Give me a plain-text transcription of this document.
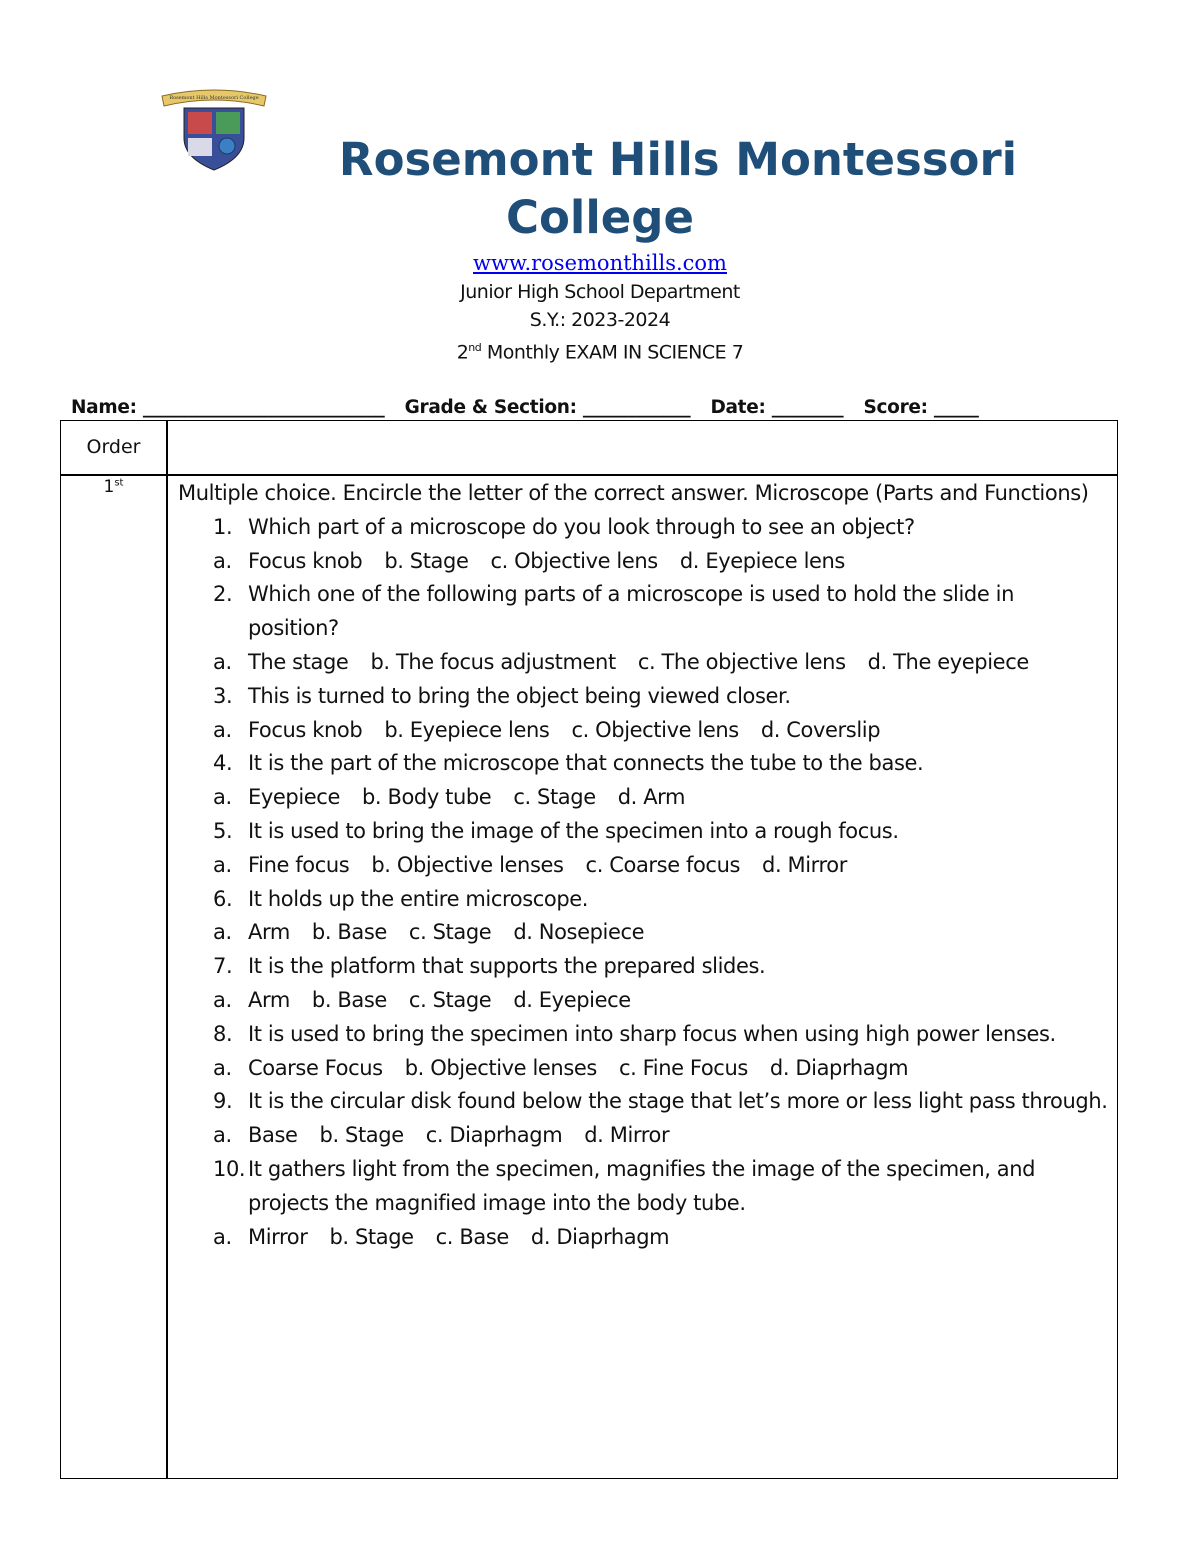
Rosemont Hills Montessori College
Rosemont Hills Montessori
College
www.rosemonthills.com
Junior High School Department
S.Y.: 2023-2024
2nd Monthly EXAM IN SCIENCE 7
Name: ___________________________ Grade & Section: ____________ Date: ________ Score: _____
Order
1st	Multiple choice. Encircle the letter of the correct answer. Microscope (Parts and Functions)

1. Which part of a microscope do you look through to see an object?
a. Focus knob b. Stage c. Objective lens d. Eyepiece lens
2. Which one of the following parts of a microscope is used to hold the slide in position?
a. The stage b. The focus adjustment c. The objective lens d. The eyepiece
3. This is turned to bring the object being viewed closer.
a. Focus knob b. Eyepiece lens c. Objective lens d. Coverslip
4. It is the part of the microscope that connects the tube to the base.
a. Eyepiece b. Body tube c. Stage d. Arm
5. It is used to bring the image of the specimen into a rough focus.
a. Fine focus b. Objective lenses c. Coarse focus d. Mirror
6. It holds up the entire microscope.
a. Arm b. Base c. Stage d. Nosepiece
7. It is the platform that supports the prepared slides.
a. Arm b. Base c. Stage d. Eyepiece
8. It is used to bring the specimen into sharp focus when using high power lenses.
a. Coarse Focus b. Objective lenses c. Fine Focus d. Diaprhagm
9. It is the circular disk found below the stage that let’s more or less light pass through.
a. Base b. Stage c. Diaprhagm d. Mirror
10. It gathers light from the specimen, magnifies the image of the specimen, and projects the magnified image into the body tube.
a. Mirror b. Stage c. Base d. Diaprhagm
